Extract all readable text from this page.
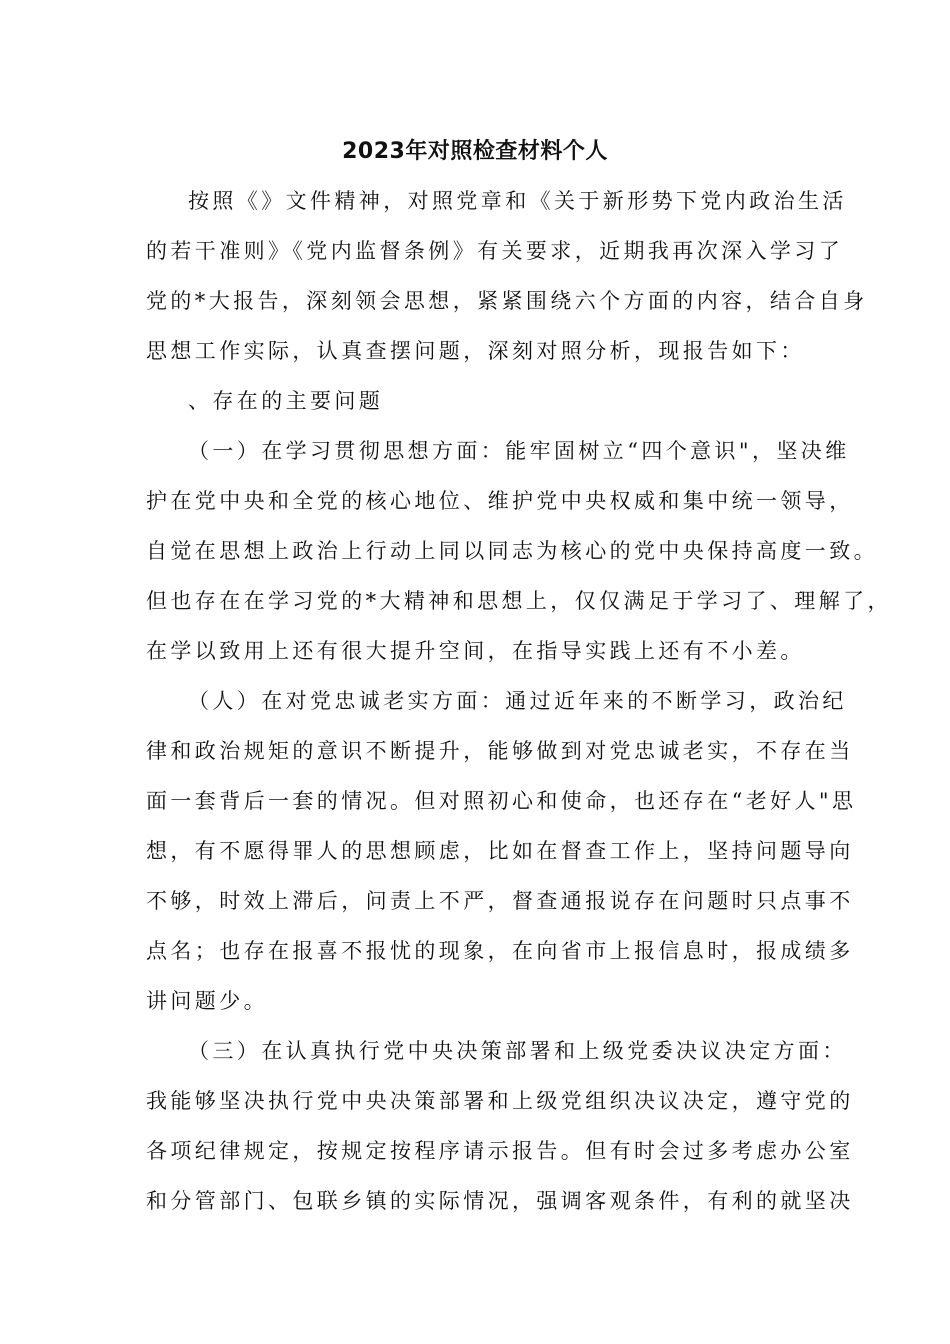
2023年对照检查材料个人

按照《》文件精神，对照党章和《关于新形势下党内政治生活

的若干准则》《党内监督条例》有关要求，近期我再次深入学习了

党的*大报告，深刻领会思想，紧紧围绕六个方面的内容，结合自身

思想工作实际，认真查摆问题，深刻对照分析，现报告如下：

、存在的主要问题

（一）在学习贯彻思想方面：能牢固树立“四个意识"，坚决维

护在党中央和全党的核心地位、维护党中央权威和集中统一领导，

自觉在思想上政治上行动上同以同志为核心的党中央保持高度一致。

但也存在在学习党的*大精神和思想上，仅仅满足于学习了、理解了，

在学以致用上还有很大提升空间，在指导实践上还有不小差。

（人）在对党忠诚老实方面：通过近年来的不断学习，政治纪

律和政治规矩的意识不断提升，能够做到对党忠诚老实，不存在当

面一套背后一套的情况。但对照初心和使命，也还存在“老好人"思

想，有不愿得罪人的思想顾虑，比如在督查工作上，坚持问题导向

不够，时效上滞后，问责上不严，督查通报说存在问题时只点事不

点名；也存在报喜不报忧的现象，在向省市上报信息时，报成绩多

讲问题少。

（三）在认真执行党中央决策部署和上级党委决议决定方面：

我能够坚决执行党中央决策部署和上级党组织决议决定，遵守党的

各项纪律规定，按规定按程序请示报告。但有时会过多考虑办公室

和分管部门、包联乡镇的实际情况，强调客观条件，有利的就坚决
